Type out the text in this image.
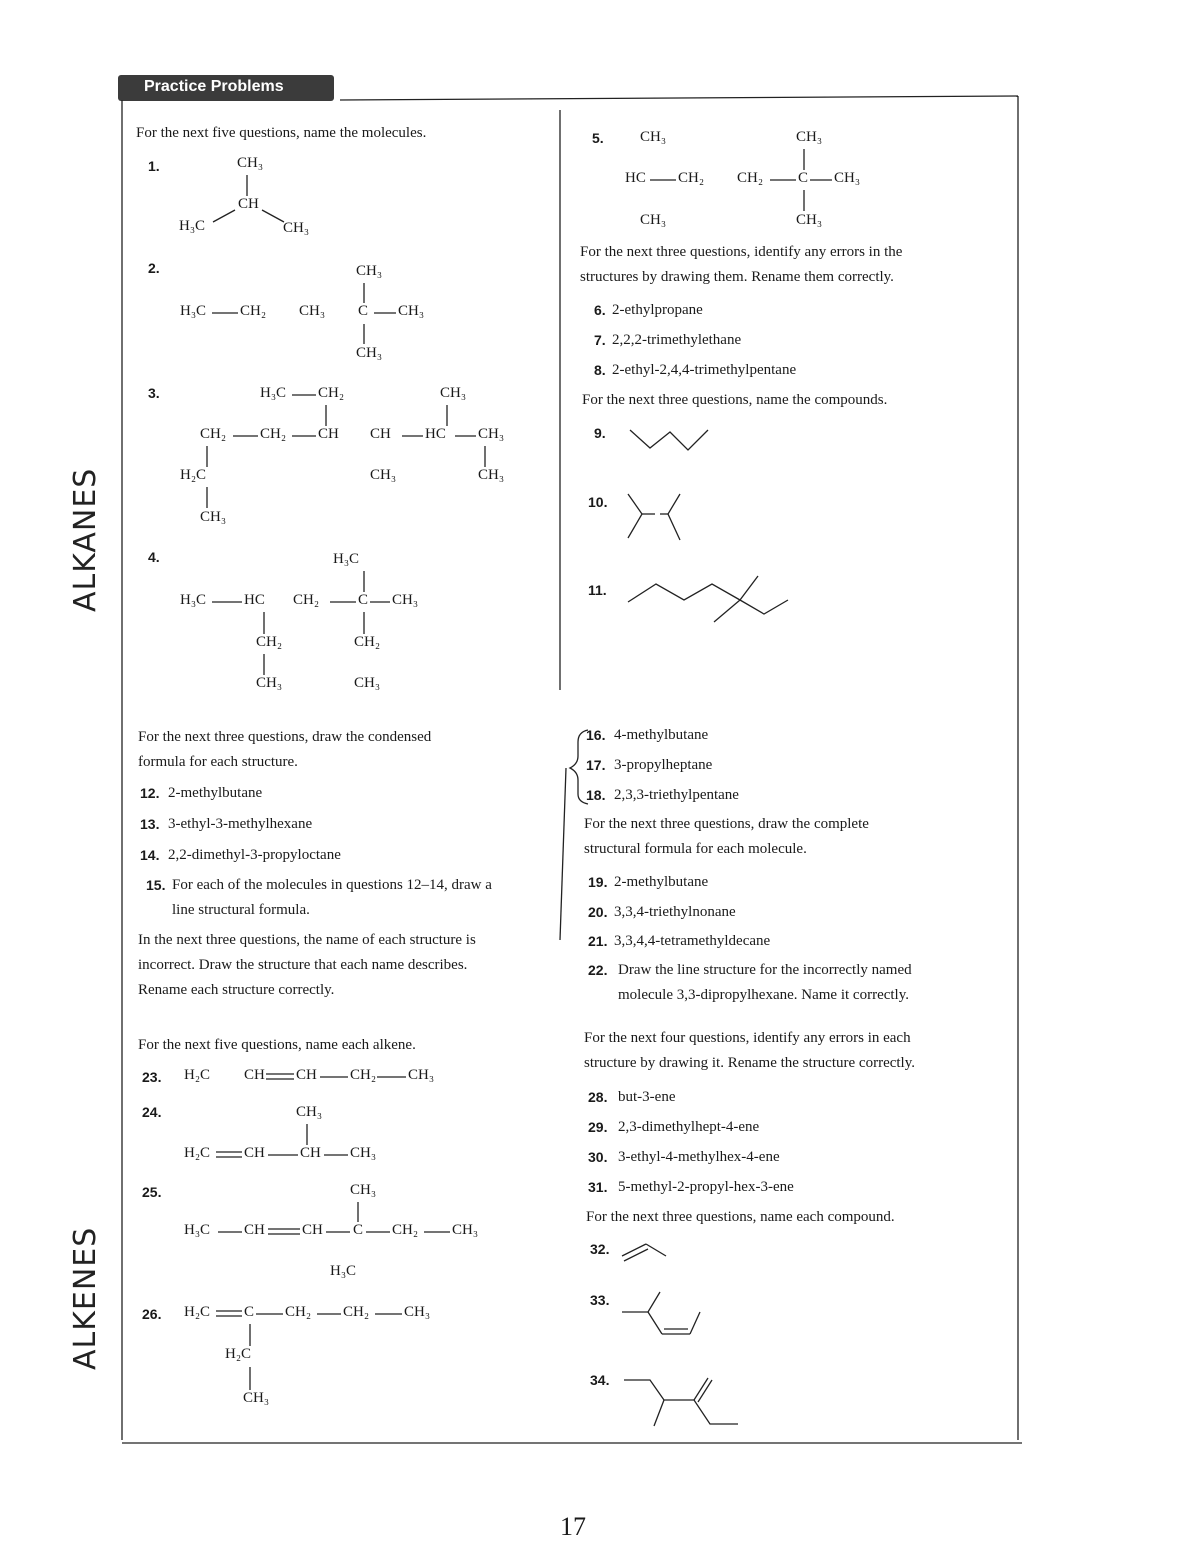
Practice Problems
ALKANES
ALKENES
For the next five questions, name the molecules.
1.	CH₃
CH
H₃C	CH₃
2.	CH₃
H₃C CH₂ CH₃ C CH₃
CH₃
3.	H₃C CH₂	CH₃
CH₂ CH₂ CH CH HC CH₃
H₂C	CH₃	CH₃
CH₃
4.	H₃C
H₃C	HC CH₂	C CH₃
CH₂
CH₃
CH₂
CH₃
For the next three questions, draw the condensed
formula for each structure.
12. 2-methylbutane
13. 3-ethyl-3-methylhexane
14. 2,2-dimethyl-3-propyloctane
15. For each of the molecules in questions 12–14, draw a
line structural formula.
In the next three questions, the name of each structure is
incorrect. Draw the structure that each name describes.
Rename each structure correctly.
For the next five questions, name each alkene.
23. H₂C CH CH CH₂ CH₃
24.	CH₃
H₂C CH CH CH₃
25.	CH₃
H₃C CH CH C CH₂ CH₃
H₃C
26. H₂C C CH₂ CH₂ CH₃
H₂C
CH₃
5. CH₃	CH₃
HC CH₂ CH₂ C CH₃
CH₃	CH₃
For the next three questions, identify any errors in the
structures by drawing them. Rename them correctly.
6. 2-ethylpropane
7. 2,2,2-trimethylethane
8. 2-ethyl-2,4,4-trimethylpentane
For the next three questions, name the compounds.
9.
10.
11.
16. 4-methylbutane
17. 3-propylheptane
18. 2,3,3-triethylpentane
For the next three questions, draw the complete
structural formula for each molecule.
19. 2-methylbutane
20. 3,3,4-triethylnonane
21. 3,3,4,4-tetramethyldecane
22. Draw the line structure for the incorrectly named
molecule 3,3-dipropylhexane. Name it correctly.
For the next four questions, identify any errors in each
structure by drawing it. Rename the structure correctly.
28. but-3-ene
29. 2,3-dimethylhept-4-ene
30. 3-ethyl-4-methylhex-4-ene
31. 5-methyl-2-propyl-hex-3-ene
For the next three questions, name each compound.
32.
33.
34.
17
